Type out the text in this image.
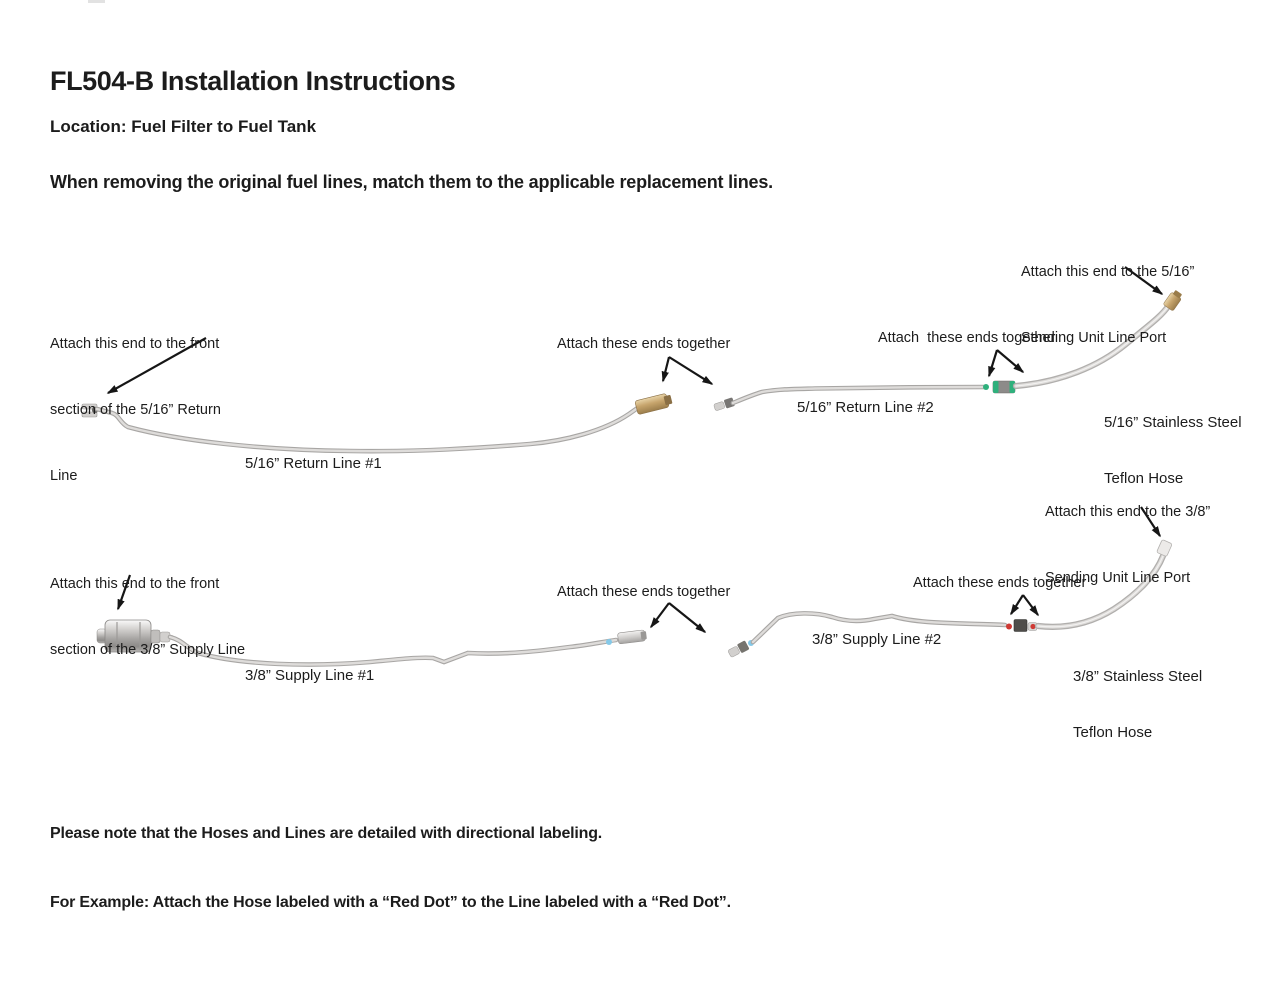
FL504-B Installation Instructions
Location: Fuel Filter to Fuel Tank
When removing the original fuel lines, match them to the applicable replacement lines.

Attach this end to the front

section of the 5/16” Return

Line

Attach these ends together	Attach  these ends together

Attach this end to the 5/16”

Sending Unit Line Port

5/16” Return Line #1
5/16” Return Line #2

5/16” Stainless Steel

Teflon Hose

Attach this end to the front

section of the 3/8” Supply Line

Attach these ends together
Attach these ends together

Attach this end to the 3/8”

Sending Unit Line Port

3/8” Supply Line #1
3/8” Supply Line #2

3/8” Stainless Steel

Teflon Hose

Please note that the Hoses and Lines are detailed with directional labeling.

For Example: Attach the Hose labeled with a “Red Dot” to the Line labeled with a “Red Dot”.
